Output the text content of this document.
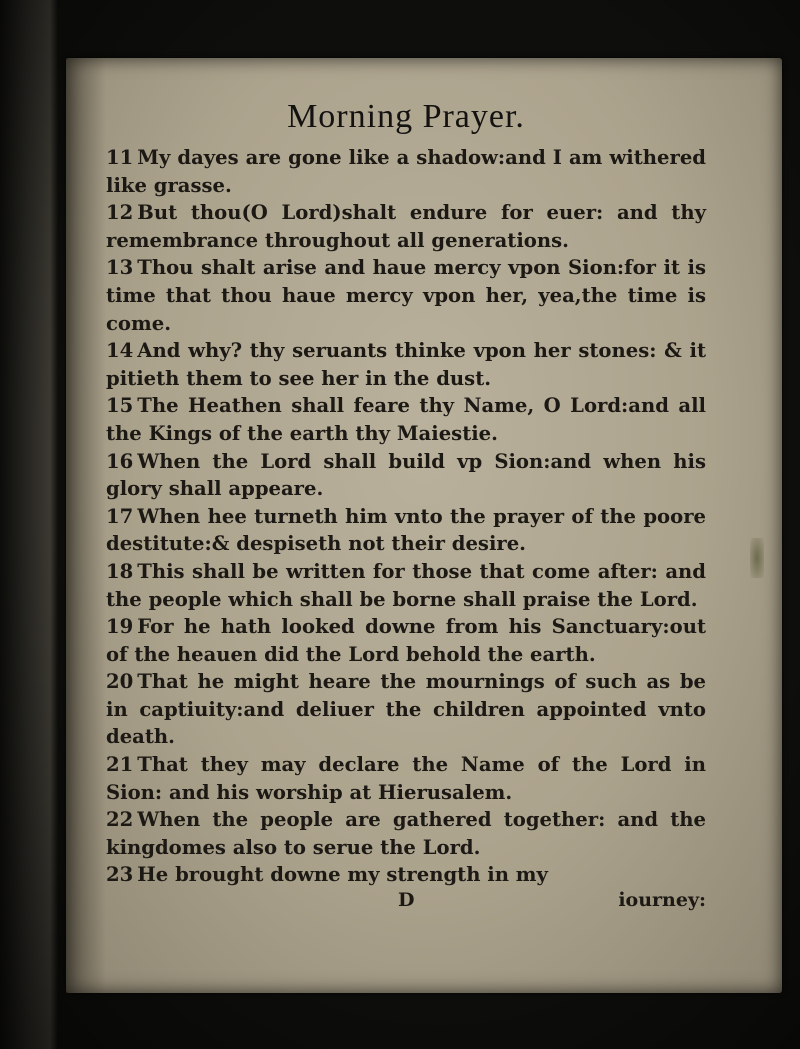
Morning Prayer.

11 My dayes are gone like a shadow:and I am withered like grasse.

12 But thou(O Lord)shalt endure for euer: and thy remembrance throughout all generations.

13 Thou shalt arise and haue mercy vpon Sion:for it is time that thou haue mercy vpon her, yea,the time is come.

14 And why? thy seruants thinke vpon her stones: & it pitieth them to see her in the dust.

15 The Heathen shall feare thy Name, O Lord:and all the Kings of the earth thy Maiestie.

16 When the Lord shall build vp Sion:and when his glory shall appeare.

17 When hee turneth him vnto the prayer of the poore destitute:& despiseth not their desire.

18 This shall be written for those that come after: and the people which shall be borne shall praise the Lord.

19 For he hath looked downe from his Sanctuary:out of the heauen did the Lord behold the earth.

20 That he might heare the mournings of such as be in captiuity:and deliuer the children appointed vnto death.

21 That they may declare the Name of the Lord in Sion: and his worship at Hierusalem.

22 When the people are gathered together: and the kingdomes also to serue the Lord.

23 He brought downe my strength in my

D	iourney:
